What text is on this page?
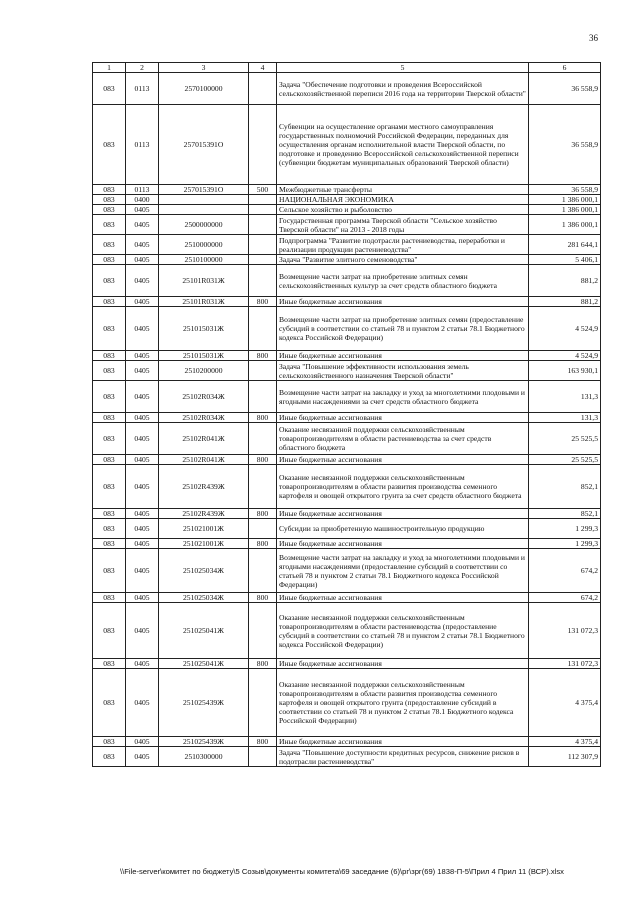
36
1	2	3	4	5	6
083	0113	2570100000		Задача "Обеспечение подготовки и проведения Всероссийской сельскохозяйственной переписи 2016 года на территории Тверской области"	36 558,9
083	0113	257015391О		Субвенции на осуществление органами местного самоуправления государственных полномочий Российской Федерации, переданных для осуществления органам исполнительной власти Тверской области, по подготовке и проведению Всероссийской сельскохозяйственной переписи (субвенции бюджетам муниципальных образований Тверской области)	36 558,9
083	0113	257015391О	500	Межбюджетные трансферты	36 558,9
083	0400			НАЦИОНАЛЬНАЯ ЭКОНОМИКА	1 386 000,1
083	0405			Сельское хозяйство и рыболовство	1 386 000,1
083	0405	2500000000		Государственная программа Тверской области "Сельское хозяйство Тверской области" на 2013 - 2018 годы	1 386 000,1
083	0405	2510000000		Подпрограмма "Развитие подотрасли растениеводства, переработки и реализации продукции растениеводства"	281 644,1
083	0405	2510100000		Задача "Развитие элитного семеноводства"	5 406,1
083	0405	25101R031Ж		Возмещение части затрат на приобретение элитных семян сельскохозяйственных культур за счет средств областного бюджета	881,2
083	0405	25101R031Ж	800	Иные бюджетные ассигнования	881,2
083	0405	251015031Ж		Возмещение части затрат на приобретение элитных семян (предоставление субсидий в соответствии со статьей 78 и пунктом 2 статьи 78.1 Бюджетного кодекса Российской Федерации)	4 524,9
083	0405	251015031Ж	800	Иные бюджетные ассигнования	4 524,9
083	0405	2510200000		Задача "Повышение эффективности использования земель сельскохозяйственного назначения Тверской области"	163 930,1
083	0405	25102R034Ж		Возмещение части затрат на закладку и уход за многолетними плодовыми и ягодными насаждениями за счет средств областного бюджета	131,3
083	0405	25102R034Ж	800	Иные бюджетные ассигнования	131,3
083	0405	25102R041Ж		Оказание несвязанной поддержки сельскохозяйственным товаропроизводителям в области растениеводства за счет средств областного бюджета	25 525,5
083	0405	25102R041Ж	800	Иные бюджетные ассигнования	25 525,5
083	0405	25102R439Ж		Оказание несвязанной поддержки сельскохозяйственным товаропроизводителям в области развития производства семенного картофеля и овощей открытого грунта за счет средств областного бюджета	852,1
083	0405	25102R439Ж	800	Иные бюджетные ассигнования	852,1
083	0405	251021001Ж		Субсидии за приобретенную машиностроительную продукцию	1 299,3
083	0405	251021001Ж	800	Иные бюджетные ассигнования	1 299,3
083	0405	251025034Ж		Возмещение части затрат на закладку и уход за многолетними плодовыми и ягодными насаждениями (предоставление субсидий в соответствии со статьей 78 и пунктом 2 статьи 78.1 Бюджетного кодекса Российской Федерации)	674,2
083	0405	251025034Ж	800	Иные бюджетные ассигнования	674,2
083	0405	251025041Ж		Оказание несвязанной поддержки сельскохозяйственным товаропроизводителям в области растениеводства (предоставление субсидий в соответствии со статьей 78 и пунктом 2 статьи 78.1 Бюджетного кодекса Российской Федерации)	131 072,3
083	0405	251025041Ж	800	Иные бюджетные ассигнования	131 072,3
083	0405	251025439Ж		Оказание несвязанной поддержки сельскохозяйственным товаропроизводителям в области развития производства семенного картофеля и овощей открытого грунта (предоставление субсидий в соответствии со статьей 78 и пунктом 2 статьи 78.1 Бюджетного кодекса Российской Федерации)	4 375,4
083	0405	251025439Ж	800	Иные бюджетные ассигнования	4 375,4
083	0405	2510300000		Задача "Повышение доступности кредитных ресурсов, снижение рисков в подотрасли растениеводства"	112 307,9
\\File-server\комитет по бюджету\5 Созыв\документы комитета\69 заседание (6)\рг\зрг(69) 1838-П-5\Прил 4 Прил 11 (ВСР).xlsx
